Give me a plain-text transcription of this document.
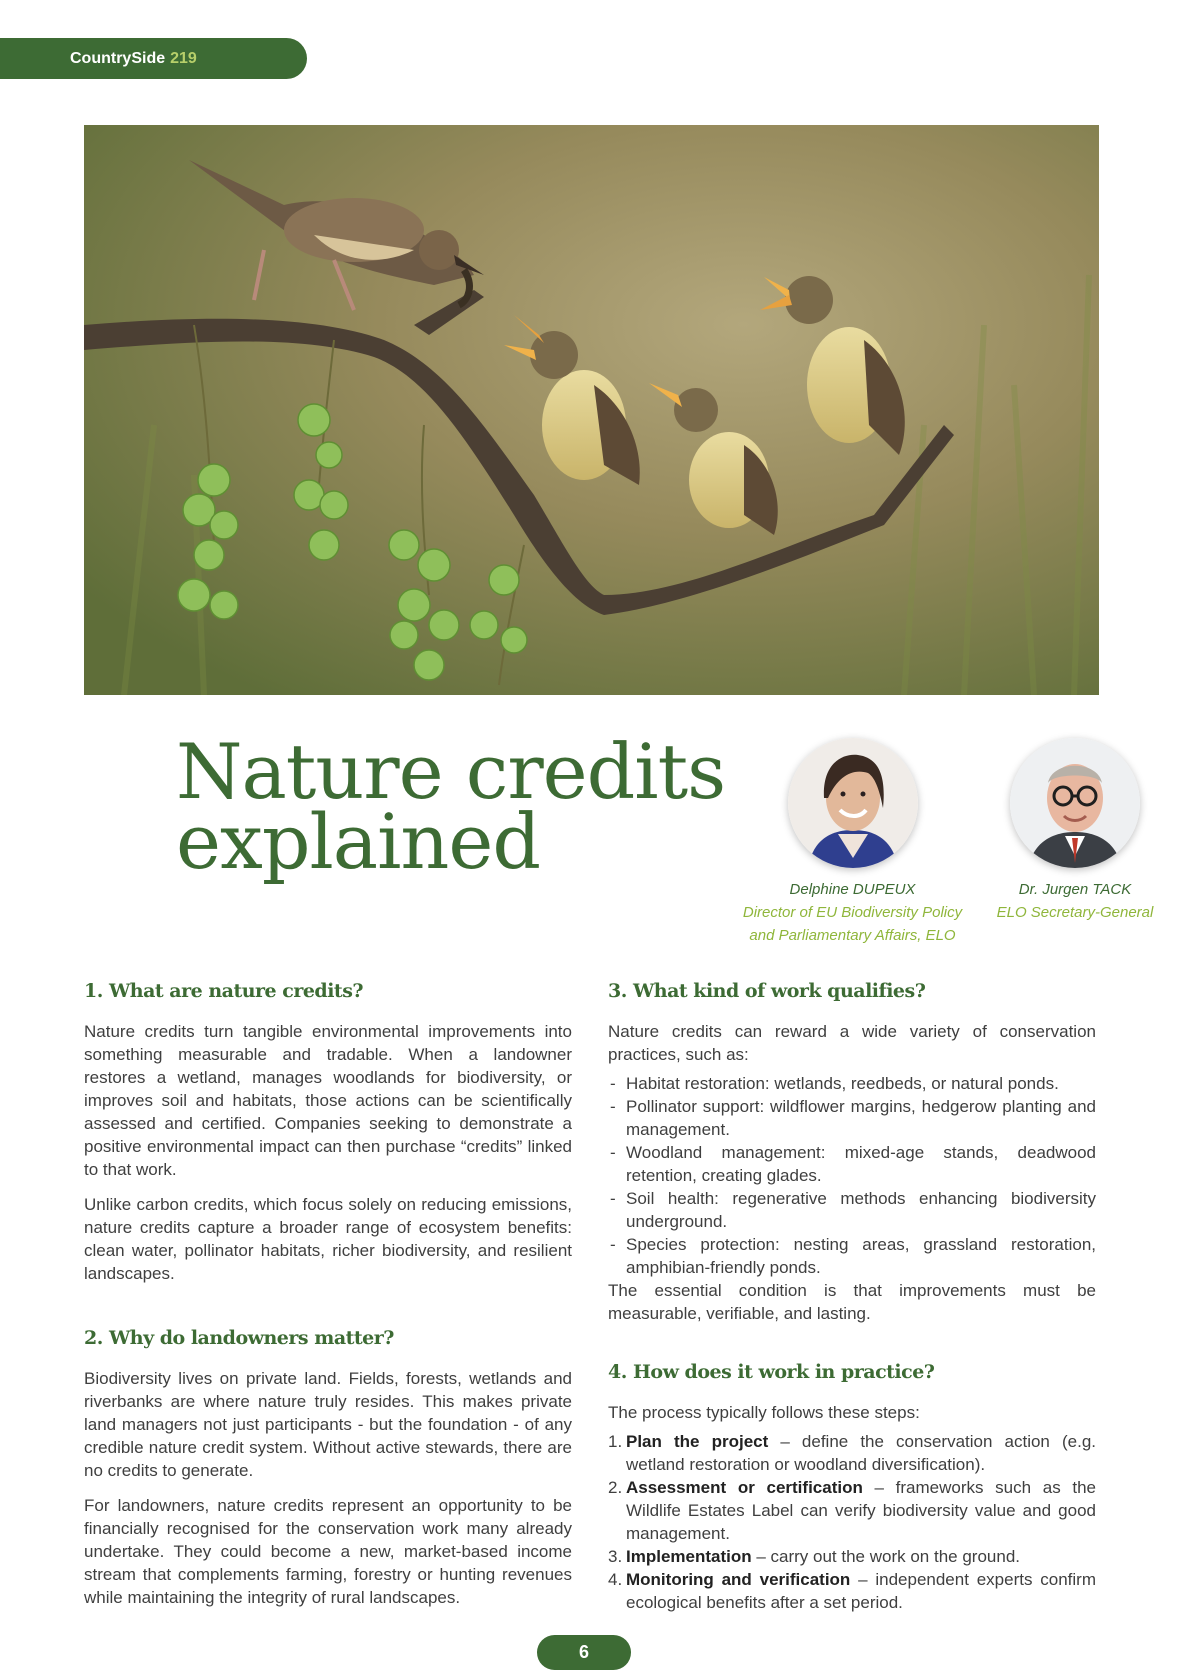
CountrySide 219
Nature credits
explained
Delphine DUPEUX
Director of EU Biodiversity Policy
and Parliamentary Affairs, ELO
Dr. Jurgen TACK
ELO Secretary-General
1. What are nature credits?

Nature credits turn tangible environmental improvements into something measurable and tradable. When a landowner restores a wetland, manages woodlands for biodiversity, or improves soil and habitats, those actions can be scientifically assessed and certified. Companies seeking to demonstrate a positive environmental impact can then purchase “credits” linked to that work.

Unlike carbon credits, which focus solely on reducing emissions, nature credits capture a broader range of ecosystem benefits: clean water, pollinator habitats, richer biodiversity, and resilient landscapes.

2. Why do landowners matter?

Biodiversity lives on private land. Fields, forests, wetlands and riverbanks are where nature truly resides. This makes private land managers not just participants - but the foundation - of any credible nature credit system. Without active stewards, there are no credits to generate.

For landowners, nature credits represent an opportunity to be financially recognised for the conservation work many already undertake. They could become a new, market-based income stream that complements farming, forestry or hunting revenues while maintaining the integrity of rural landscapes.

3. What kind of work qualifies?

Nature credits can reward a wide variety of conservation practices, such as:

- Habitat restoration: wetlands, reedbeds, or natural ponds.
- Pollinator support: wildflower margins, hedgerow planting and management.
- Woodland management: mixed-age stands, deadwood retention, creating glades.
- Soil health: regenerative methods enhancing biodiversity underground.
- Species protection: nesting areas, grassland restoration, amphibian-friendly ponds.

The essential condition is that improvements must be measurable, verifiable, and lasting.

4. How does it work in practice?

The process typically follows these steps:

1. Plan the project – define the conservation action (e.g. wetland restoration or woodland diversification).
2. Assessment or certification – frameworks such as the Wildlife Estates Label can verify biodiversity value and good management.
3. Implementation – carry out the work on the ground.
4. Monitoring and verification – independent experts confirm ecological benefits after a set period.
6
